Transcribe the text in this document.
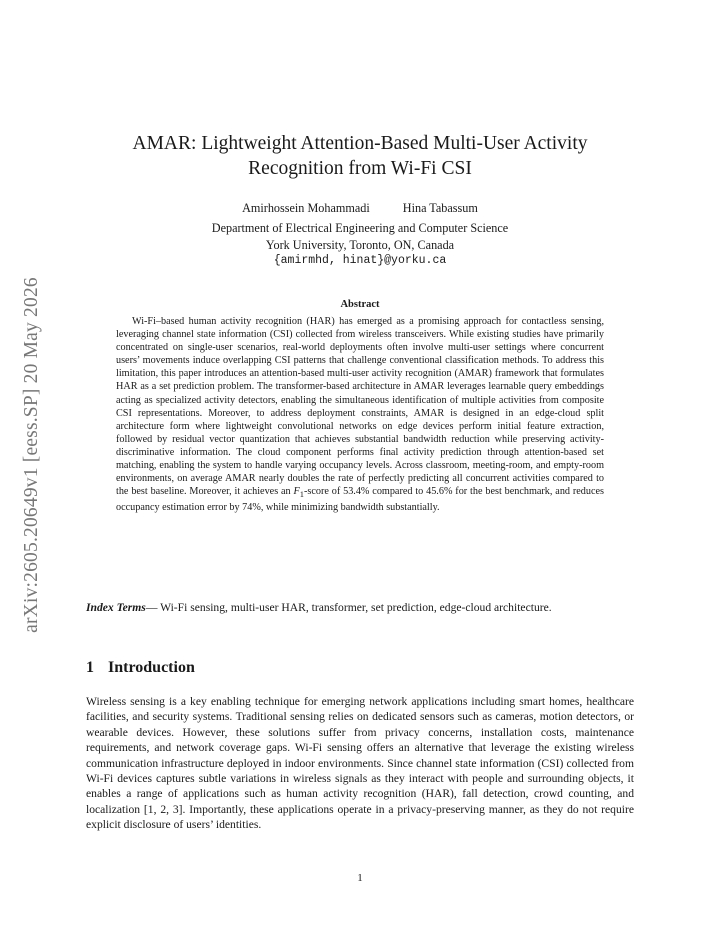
arXiv:2605.20649v1 [eess.SP] 20 May 2026
AMAR: Lightweight Attention-Based Multi-User Activity Recognition from Wi-Fi CSI
Amirhossein Mohammadi	Hina Tabassum
Department of Electrical Engineering and Computer Science
York University, Toronto, ON, Canada
{amirmhd, hinat}@yorku.ca
Abstract

Wi-Fi–based human activity recognition (HAR) has emerged as a promising approach for contactless sensing, leveraging channel state information (CSI) collected from wireless transceivers. While existing studies have primarily concentrated on single-user scenarios, real-world deployments often involve multi-user settings where concurrent users’ movements induce overlapping CSI patterns that challenge conventional classification methods. To address this limitation, this paper introduces an attention-based multi-user activity recognition (AMAR) framework that formulates HAR as a set prediction problem. The transformer-based architecture in AMAR leverages learnable query embeddings acting as specialized activity detectors, enabling the simultaneous identification of multiple activities from composite CSI representations. Moreover, to address deployment constraints, AMAR is designed in an edge-cloud split architecture form where lightweight convolutional networks on edge devices perform initial feature extraction, followed by residual vector quantization that achieves substantial bandwidth reduction while preserving activity-discriminative information. The cloud component performs final activity prediction through attention-based set matching, enabling the system to handle varying occupancy levels. Across classroom, meeting-room, and empty-room environments, on average AMAR nearly doubles the rate of perfectly predicting all concurrent activities compared to the best baseline. Moreover, it achieves an $F_1$-score of 53.4% compared to 45.6% for the best benchmark, and reduces occupancy estimation error by 74%, while minimizing bandwidth substantially.

Index Terms— Wi-Fi sensing, multi-user HAR, transformer, set prediction, edge-cloud architecture.

1 Introduction

Wireless sensing is a key enabling technique for emerging network applications including smart homes, healthcare facilities, and security systems. Traditional sensing relies on dedicated sensors such as cameras, motion detectors, or wearable devices. However, these solutions suffer from privacy concerns, installation costs, maintenance requirements, and network coverage gaps. Wi-Fi sensing offers an alternative that leverage the existing wireless communication infrastructure deployed in indoor environments. Since channel state information (CSI) collected from Wi-Fi devices captures subtle variations in wireless signals as they interact with people and surrounding objects, it enables a range of applications such as human activity recognition (HAR), fall detection, crowd counting, and localization [1, 2, 3]. Importantly, these applications operate in a privacy-preserving manner, as they do not require explicit disclosure of users’ identities.

1
